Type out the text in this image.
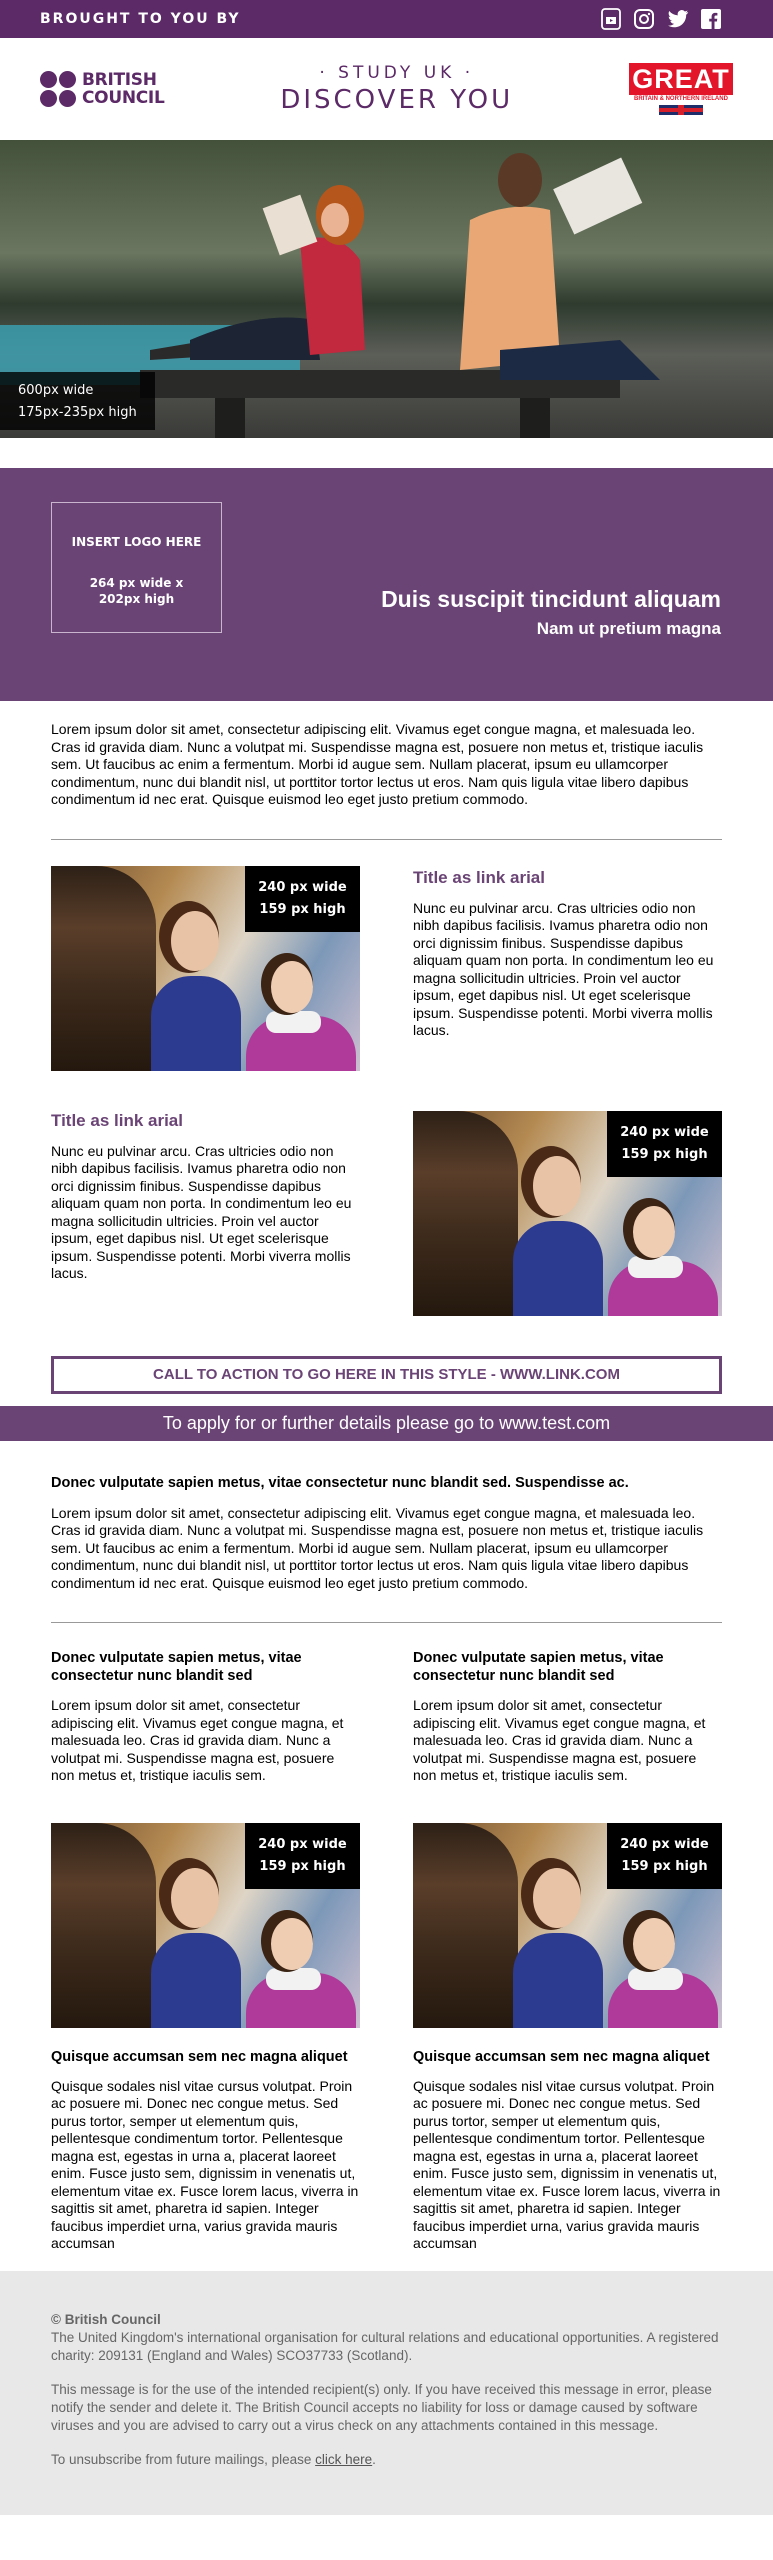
BROUGHT TO YOU BY
BRITISH
COUNCIL
· STUDY UK ·
DISCOVER YOU
GREAT
BRITAIN & NORTHERN IRELAND
600px wide
175px-235px high
INSERT LOGO HERE
264 px wide x
202px high	Duis suscipit tincidunt aliquam
Nam ut pretium magna

Lorem ipsum dolor sit amet, consectetur adipiscing elit. Vivamus eget congue magna, et malesuada leo. Cras id gravida diam. Nunc a volutpat mi. Suspendisse magna est, posuere non metus et, tristique iaculis sem. Ut faucibus ac enim a fermentum. Morbi id augue sem. Nullam placerat, ipsum eu ullamcorper condimentum, nunc dui blandit nisl, ut porttitor tortor lectus ut eros. Nam quis ligula vitae libero dapibus condimentum id nec erat. Quisque euismod leo eget justo pretium commodo.

240 px wide
159 px high
Title as link arial

Nunc eu pulvinar arcu. Cras ultricies odio non nibh dapibus facilisis. Ivamus pharetra odio non orci dignissim finibus. Suspendisse dapibus aliquam quam non porta. In condimentum leo eu magna sollicitudin ultricies. Proin vel auctor ipsum, eget dapibus nisl. Ut eget scelerisque ipsum. Suspendisse potenti. Morbi viverra mollis lacus.

Title as link arial

Nunc eu pulvinar arcu. Cras ultricies odio non nibh dapibus facilisis. Ivamus pharetra odio non orci dignissim finibus. Suspendisse dapibus aliquam quam non porta. In condimentum leo eu magna sollicitudin ultricies. Proin vel auctor ipsum, eget dapibus nisl. Ut eget scelerisque ipsum. Suspendisse potenti. Morbi viverra mollis lacus.

240 px wide
159 px high
CALL TO ACTION TO GO HERE IN THIS STYLE - WWW.LINK.COM
To apply for or further details please go to www.test.com
Donec vulputate sapien metus, vitae consectetur nunc blandit sed. Suspendisse ac.

Lorem ipsum dolor sit amet, consectetur adipiscing elit. Vivamus eget congue magna, et malesuada leo. Cras id gravida diam. Nunc a volutpat mi. Suspendisse magna est, posuere non metus et, tristique iaculis sem. Ut faucibus ac enim a fermentum. Morbi id augue sem. Nullam placerat, ipsum eu ullamcorper condimentum, nunc dui blandit nisl, ut porttitor tortor lectus ut eros. Nam quis ligula vitae libero dapibus condimentum id nec erat. Quisque euismod leo eget justo pretium commodo.

Donec vulputate sapien metus, vitae consectetur nunc blandit sed

Lorem ipsum dolor sit amet, consectetur adipiscing elit. Vivamus eget congue magna, et malesuada leo. Cras id gravida diam. Nunc a volutpat mi. Suspendisse magna est, posuere non metus et, tristique iaculis sem.

Donec vulputate sapien metus, vitae consectetur nunc blandit sed

Lorem ipsum dolor sit amet, consectetur adipiscing elit. Vivamus eget congue magna, et malesuada leo. Cras id gravida diam. Nunc a volutpat mi. Suspendisse magna est, posuere non metus et, tristique iaculis sem.

240 px wide
159 px high
240 px wide
159 px high
Quisque accumsan sem nec magna aliquet

Quisque sodales nisl vitae cursus volutpat. Proin ac posuere mi. Donec nec congue metus. Sed purus tortor, semper ut elementum quis, pellentesque condimentum tortor. Pellentesque magna est, egestas in urna a, placerat laoreet enim. Fusce justo sem, dignissim in venenatis ut, elementum vitae ex. Fusce lorem lacus, viverra in sagittis sit amet, pharetra id sapien. Integer faucibus imperdiet urna, varius gravida mauris accumsan

Quisque accumsan sem nec magna aliquet

Quisque sodales nisl vitae cursus volutpat. Proin ac posuere mi. Donec nec congue metus. Sed purus tortor, semper ut elementum quis, pellentesque condimentum tortor. Pellentesque magna est, egestas in urna a, placerat laoreet enim. Fusce justo sem, dignissim in venenatis ut, elementum vitae ex. Fusce lorem lacus, viverra in sagittis sit amet, pharetra id sapien. Integer faucibus imperdiet urna, varius gravida mauris accumsan

© British Council

The United Kingdom's international organisation for cultural relations and educational opportunities. A registered charity: 209131 (England and Wales) SCO37733 (Scotland).

This message is for the use of the intended recipient(s) only. If you have received this message in error, please notify the sender and delete it. The British Council accepts no liability for loss or damage caused by software viruses and you are advised to carry out a virus check on any attachments contained in this message.

To unsubscribe from future mailings, please click here.
